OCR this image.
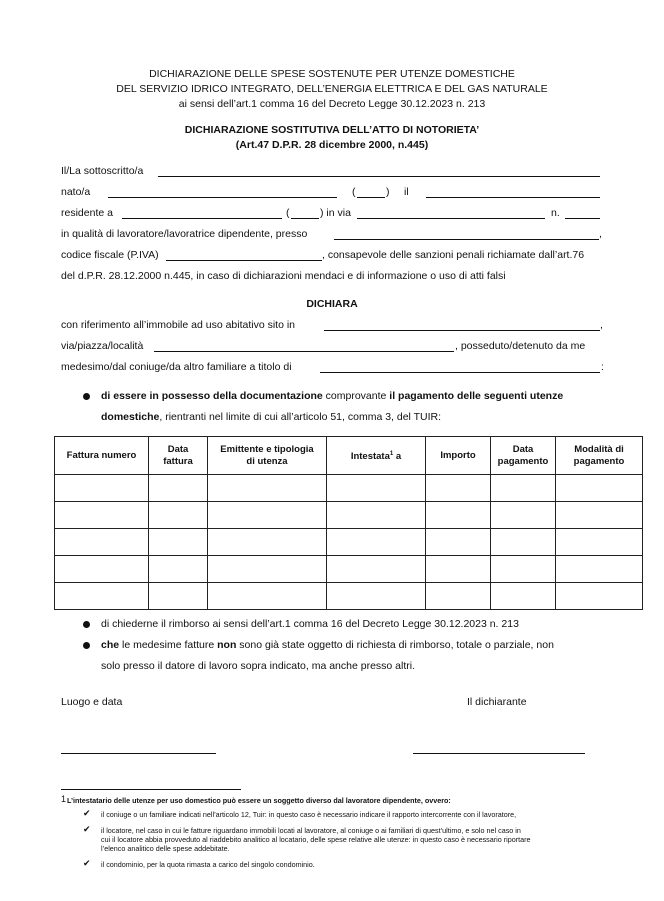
DICHIARAZIONE DELLE SPESE SOSTENUTE PER UTENZE DOMESTICHE
DEL SERVIZIO IDRICO INTEGRATO, DELL’ENERGIA ELETTRICA E DEL GAS NATURALE
ai sensi dell’art.1 comma 16 del Decreto Legge 30.12.2023 n. 213
DICHIARAZIONE SOSTITUTIVA DELL’ATTO DI NOTORIETA’
(Art.47 D.P.R. 28 dicembre 2000, n.445)
Il/La sottoscritto/a
nato/a	(	) il
residente a	(	) in via	n.
in qualità di lavoratore/lavoratrice dipendente, presso	,
codice fiscale (P.IVA)	, consapevole delle sanzioni penali richiamate dall’art.76
del d.P.R. 28.12.2000 n.445, in caso di dichiarazioni mendaci e di informazione o uso di atti falsi
DICHIARA
con riferimento all’immobile ad uso abitativo sito in	,
via/piazza/località	, posseduto/detenuto da me
medesimo/dal coniuge/da altro familiare a titolo di	:
di essere in possesso della documentazione comprovante il pagamento delle seguenti utenze
domestiche, rientranti nel limite di cui all’articolo 51, comma 3, del TUIR:
Fattura numero	Data fattura	Emittente e tipologia di utenza	Intestata$^1$ a	Importo	Data pagamento	Modalità di pagamento

di chiederne il rimborso ai sensi dell’art.1 comma 16 del Decreto Legge 30.12.2023 n. 213
che le medesime fatture non sono già state oggetto di richiesta di rimborso, totale o parziale, non
solo presso il datore di lavoro sopra indicato, ma anche presso altri.
Luogo e data	Il dichiarante
1 L’intestatario delle utenze per uso domestico può essere un soggetto diverso dal lavoratore dipendente, ovvero:
✔ il coniuge o un familiare indicati nell’articolo 12, Tuir: in questo caso è necessario indicare il rapporto intercorrente con il lavoratore,
✔ il locatore, nel caso in cui le fatture riguardano immobili locati al lavoratore, al coniuge o ai familiari di quest’ultimo, e solo nel caso in
cui il locatore abbia provveduto al riaddebito analitico al locatario, delle spese relative alle utenze: in questo caso è necessario riportare
l’elenco analitico delle spese addebitate.
✔ il condominio, per la quota rimasta a carico del singolo condominio.
